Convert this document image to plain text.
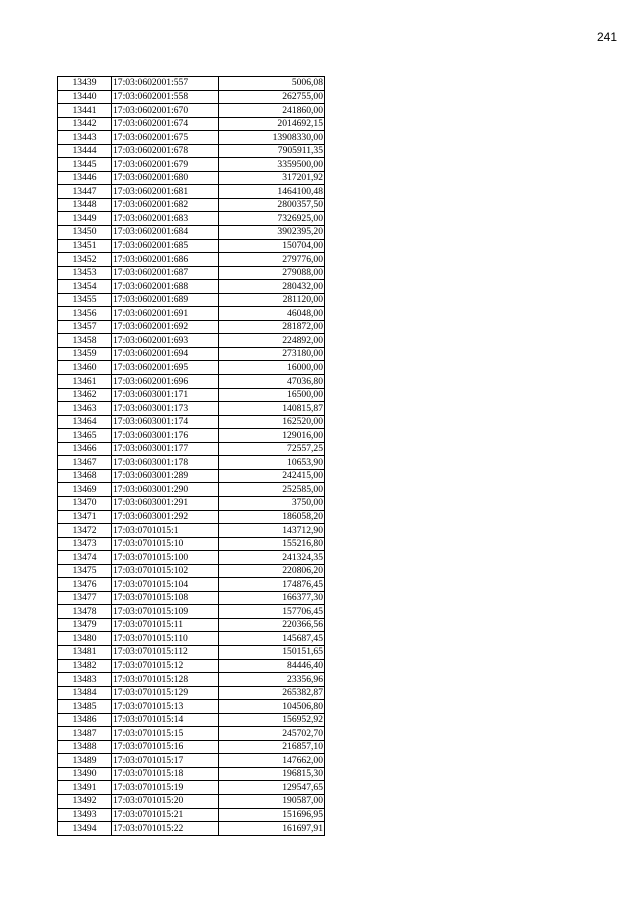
241
13439	17:03:0602001:557	5006,08
13440	17:03:0602001:558	262755,00
13441	17:03:0602001:670	241860,00
13442	17:03:0602001:674	2014692,15
13443	17:03:0602001:675	13908330,00
13444	17:03:0602001:678	7905911,35
13445	17:03:0602001:679	3359500,00
13446	17:03:0602001:680	317201,92
13447	17:03:0602001:681	1464100,48
13448	17:03:0602001:682	2800357,50
13449	17:03:0602001:683	7326925,00
13450	17:03:0602001:684	3902395,20
13451	17:03:0602001:685	150704,00
13452	17:03:0602001:686	279776,00
13453	17:03:0602001:687	279088,00
13454	17:03:0602001:688	280432,00
13455	17:03:0602001:689	281120,00
13456	17:03:0602001:691	46048,00
13457	17:03:0602001:692	281872,00
13458	17:03:0602001:693	224892,00
13459	17:03:0602001:694	273180,00
13460	17:03:0602001:695	16000,00
13461	17:03:0602001:696	47036,80
13462	17:03:0603001:171	16500,00
13463	17:03:0603001:173	140815,87
13464	17:03:0603001:174	162520,00
13465	17:03:0603001:176	129016,00
13466	17:03:0603001:177	72557,25
13467	17:03:0603001:178	10653,90
13468	17:03:0603001:289	242415,00
13469	17:03:0603001:290	252585,00
13470	17:03:0603001:291	3750,00
13471	17:03:0603001:292	186058,20
13472	17:03:0701015:1	143712,90
13473	17:03:0701015:10	155216,80
13474	17:03:0701015:100	241324,35
13475	17:03:0701015:102	220806,20
13476	17:03:0701015:104	174876,45
13477	17:03:0701015:108	166377,30
13478	17:03:0701015:109	157706,45
13479	17:03:0701015:11	220366,56
13480	17:03:0701015:110	145687,45
13481	17:03:0701015:112	150151,65
13482	17:03:0701015:12	84446,40
13483	17:03:0701015:128	23356,96
13484	17:03:0701015:129	265382,87
13485	17:03:0701015:13	104506,80
13486	17:03:0701015:14	156952,92
13487	17:03:0701015:15	245702,70
13488	17:03:0701015:16	216857,10
13489	17:03:0701015:17	147662,00
13490	17:03:0701015:18	196815,30
13491	17:03:0701015:19	129547,65
13492	17:03:0701015:20	190587,00
13493	17:03:0701015:21	151696,95
13494	17:03:0701015:22	161697,91
